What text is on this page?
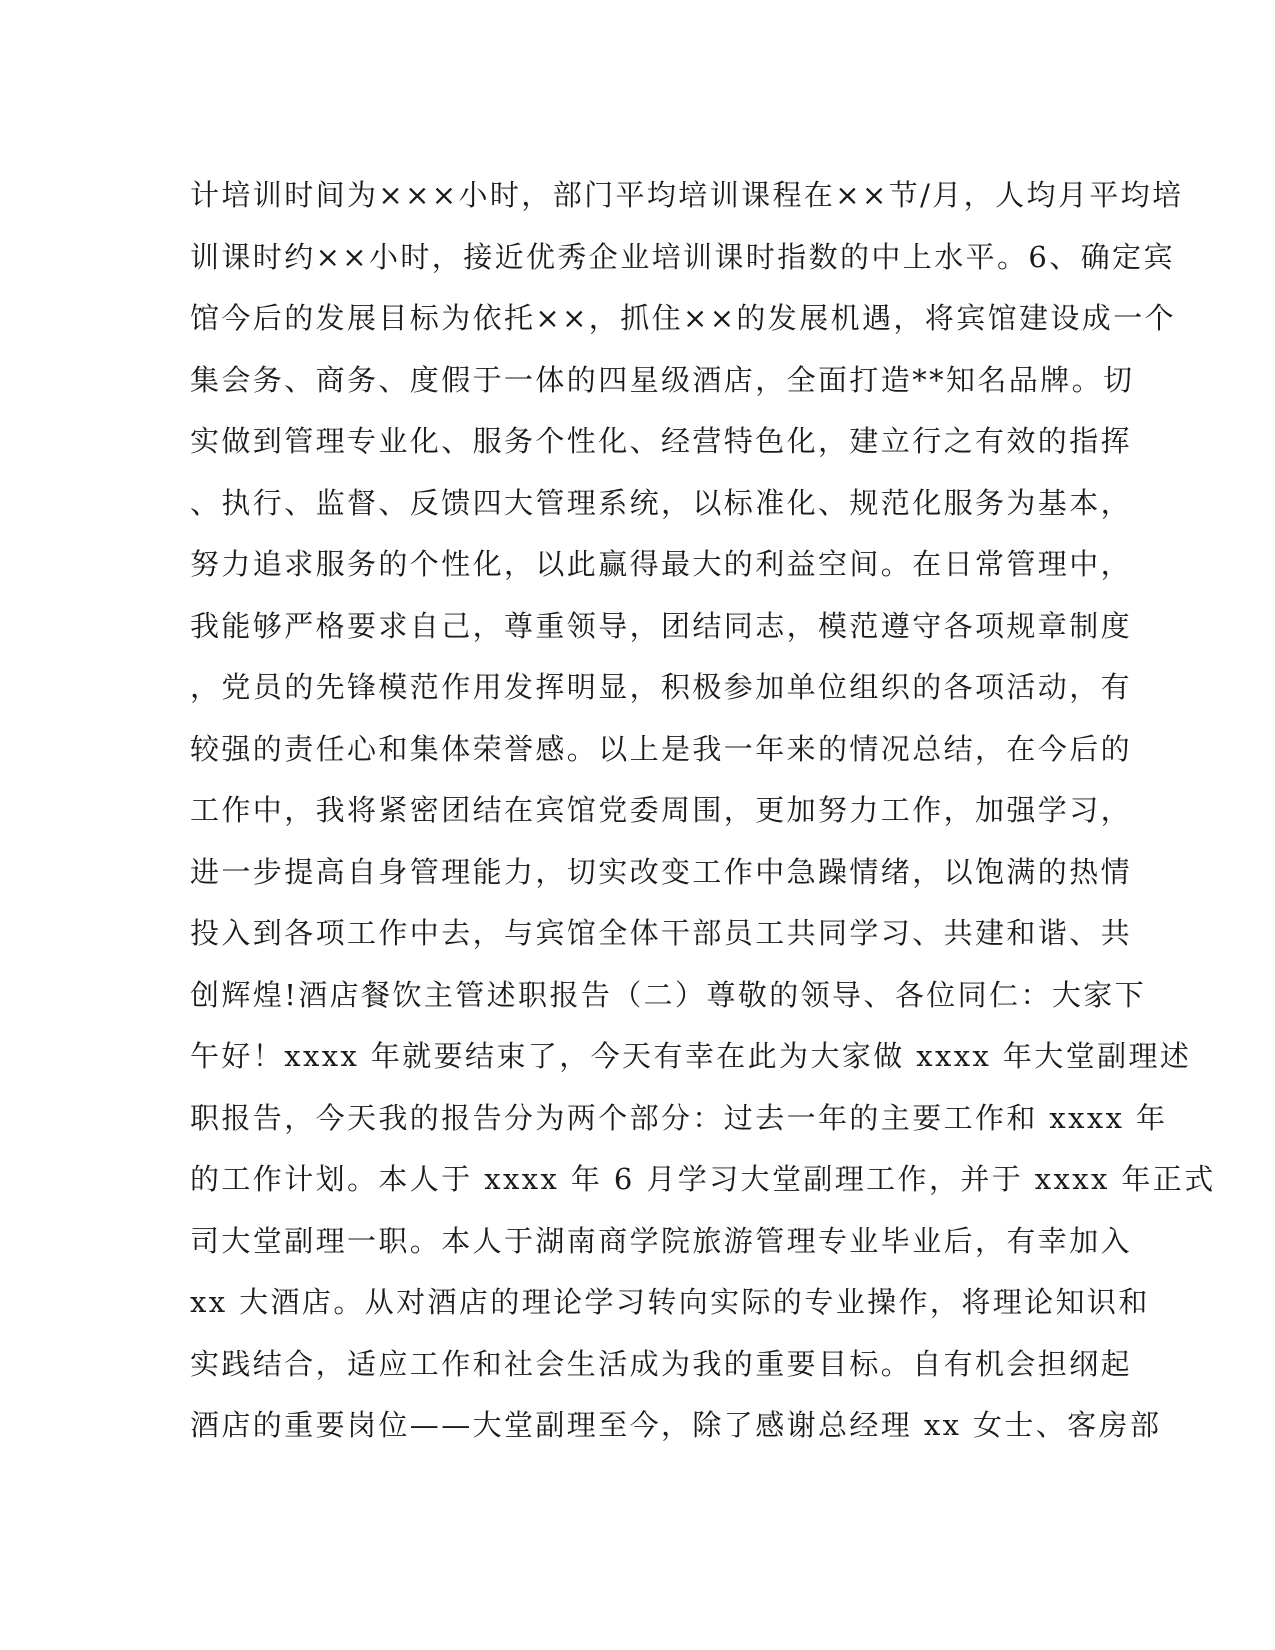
计培训时间为×××小时，部门平均培训课程在××节/月，人均月平均培
训课时约××小时，接近优秀企业培训课时指数的中上水平。6、确定宾
馆今后的发展目标为依托××，抓住××的发展机遇，将宾馆建设成一个
集会务、商务、度假于一体的四星级酒店，全面打造**知名品牌。切
实做到管理专业化、服务个性化、经营特色化，建立行之有效的指挥
、执行、监督、反馈四大管理系统，以标准化、规范化服务为基本，
努力追求服务的个性化，以此赢得最大的利益空间。在日常管理中，
我能够严格要求自己，尊重领导，团结同志，模范遵守各项规章制度
，党员的先锋模范作用发挥明显，积极参加单位组织的各项活动，有
较强的责任心和集体荣誉感。以上是我一年来的情况总结，在今后的
工作中，我将紧密团结在宾馆党委周围，更加努力工作，加强学习，
进一步提高自身管理能力，切实改变工作中急躁情绪，以饱满的热情
投入到各项工作中去，与宾馆全体干部员工共同学习、共建和谐、共
创辉煌!酒店餐饮主管述职报告（二）尊敬的领导、各位同仁：大家下
午好！xxxx 年就要结束了，今天有幸在此为大家做 xxxx 年大堂副理述
职报告，今天我的报告分为两个部分：过去一年的主要工作和 xxxx 年
的工作计划。本人于 xxxx 年 6 月学习大堂副理工作，并于 xxxx 年正式
司大堂副理一职。本人于湖南商学院旅游管理专业毕业后，有幸加入
xx 大酒店。从对酒店的理论学习转向实际的专业操作，将理论知识和
实践结合，适应工作和社会生活成为我的重要目标。自有机会担纲起
酒店的重要岗位——大堂副理至今，除了感谢总经理 xx 女士、客房部
